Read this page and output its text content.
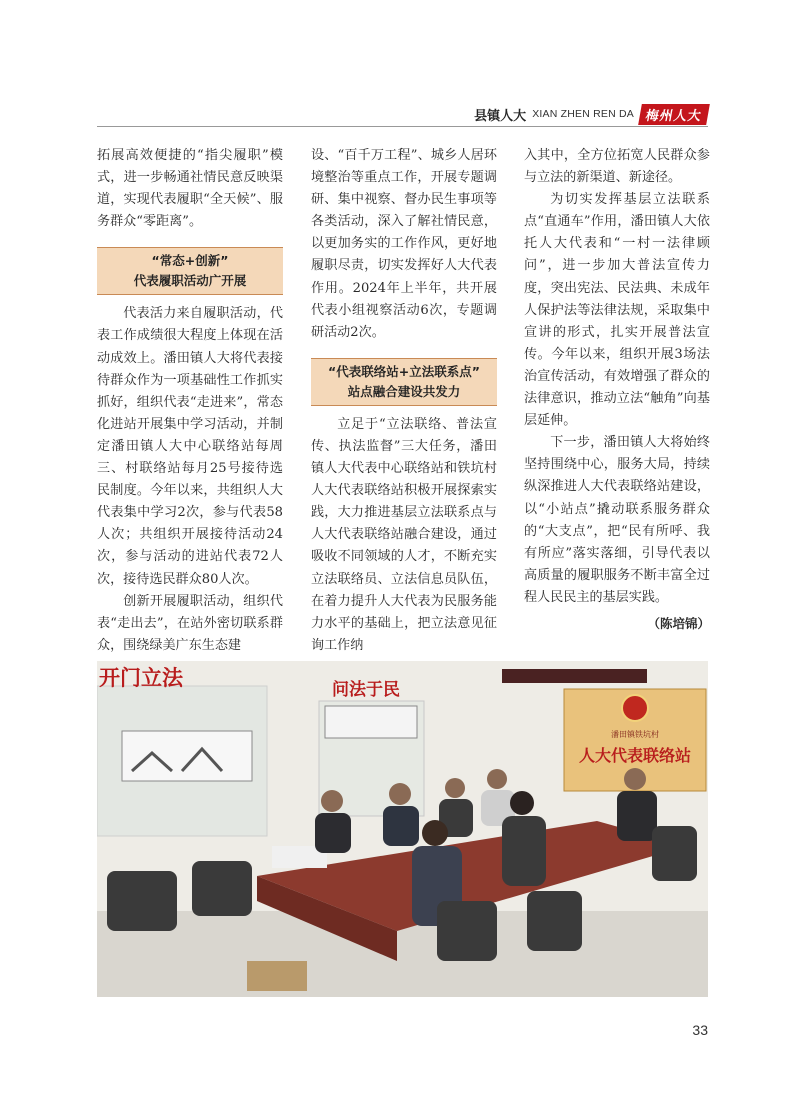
县镇人大 XIAN ZHEN REN DA 梅州人大

拓展高效便捷的“指尖履职”模式，进一步畅通社情民意反映渠道，实现代表履职“全天候”、服务群众“零距离”。

“常态+创新”
代表履职活动广开展

代表活力来自履职活动，代表工作成绩很大程度上体现在活动成效上。潘田镇人大将代表接待群众作为一项基础性工作抓实抓好，组织代表“走进来”，常态化进站开展集中学习活动，并制定潘田镇人大中心联络站每周三、村联络站每月25号接待选民制度。今年以来，共组织人大代表集中学习2次，参与代表58人次；共组织开展接待活动24次，参与活动的进站代表72人次，接待选民群众80人次。

创新开展履职活动，组织代表“走出去”，在站外密切联系群众，围绕绿美广东生态建

设、“百千万工程”、城乡人居环境整治等重点工作，开展专题调研、集中视察、督办民生事项等各类活动，深入了解社情民意，以更加务实的工作作风，更好地履职尽责，切实发挥好人大代表作用。2024年上半年，共开展代表小组视察活动6次，专题调研活动2次。

“代表联络站+立法联系点”
站点融合建设共发力

立足于“立法联络、普法宣传、执法监督”三大任务，潘田镇人大代表中心联络站和铁坑村人大代表联络站积极开展探索实践，大力推进基层立法联系点与人大代表联络站融合建设，通过吸收不同领域的人才，不断充实立法联络员、立法信息员队伍，在着力提升人大代表为民服务能力水平的基础上，把立法意见征询工作纳

入其中，全方位拓宽人民群众参与立法的新渠道、新途径。

为切实发挥基层立法联系点“直通车”作用，潘田镇人大依托人大代表和“一村一法律顾问”，进一步加大普法宣传力度，突出宪法、民法典、未成年人保护法等法律法规，采取集中宣讲的形式，扎实开展普法宣传。今年以来，组织开展3场法治宣传活动，有效增强了群众的法律意识，推动立法“触角”向基层延伸。

下一步，潘田镇人大将始终坚持围绕中心，服务大局，持续纵深推进人大代表联络站建设，以“小站点”撬动联系服务群众的“大支点”，把“民有所呼、我有所应”落实落细，引导代表以高质量的履职服务不断丰富全过程人民民主的基层实践。

（陈培锦）
开门立法	问法于民
潘田镇铁坑村
人大代表联络站
33
